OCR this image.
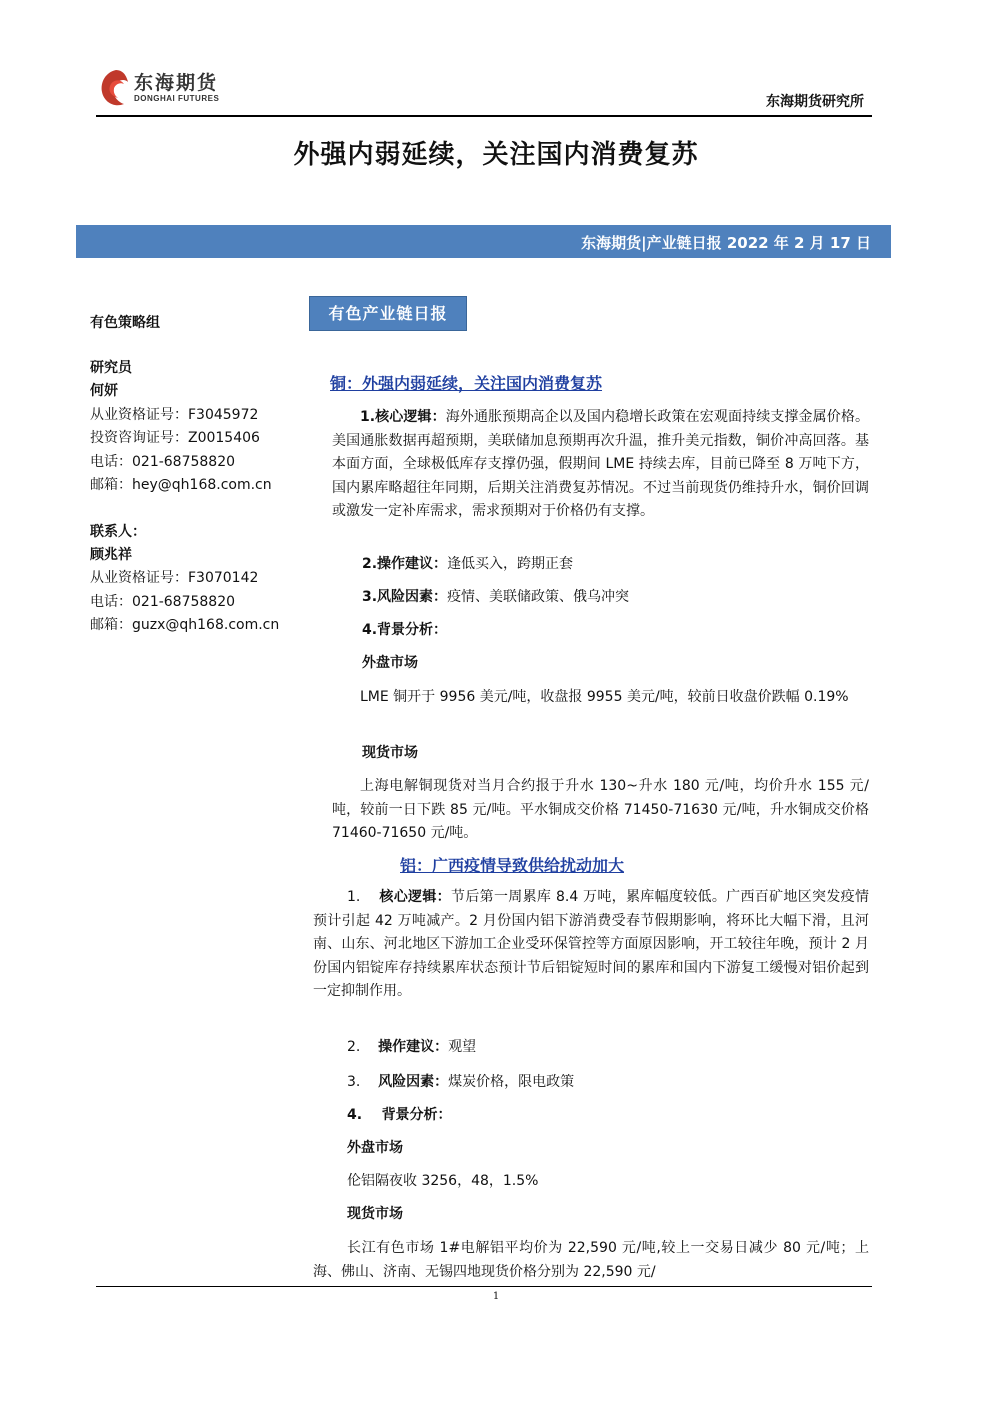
东海期货
DONGHAI FUTURES	东海期货研究所
外强内弱延续，关注国内消费复苏
东海期货|产业链日报 2022 年 2 月 17 日
有色策略组
研究员
何妍
从业资格证号：F3045972
投资咨询证号：Z0015406
电话：021-68758820
邮箱：hey@qh168.com.cn
联系人：
顾兆祥
从业资格证号：F3070142
电话：021-68758820
邮箱：guzx@qh168.com.cn
有色产业链日报
铜：外强内弱延续，关注国内消费复苏
1.核心逻辑：海外通胀预期高企以及国内稳增长政策在宏观面持续支撑金属价格。美国通胀数据再超预期，美联储加息预期再次升温，推升美元指数，铜价冲高回落。基本面方面，全球极低库存支撑仍强，假期间 LME 持续去库，目前已降至 8 万吨下方，国内累库略超往年同期，后期关注消费复苏情况。不过当前现货仍维持升水，铜价回调或激发一定补库需求，需求预期对于价格仍有支撑。
2.操作建议：逢低买入，跨期正套
3.风险因素：疫情、美联储政策、俄乌冲突
4.背景分析：
外盘市场
LME 铜开于 9956 美元/吨，收盘报 9955 美元/吨，较前日收盘价跌幅 0.19%
现货市场
上海电解铜现货对当月合约报于升水 130~升水 180 元/吨，均价升水 155 元/吨，较前一日下跌 85 元/吨。平水铜成交价格 71450-71630 元/吨，升水铜成交价格 71460-71650 元/吨。
铝：广西疫情导致供给扰动加大
1. 核心逻辑：节后第一周累库 8.4 万吨，累库幅度较低。广西百矿地区突发疫情预计引起 42 万吨减产。2 月份国内铝下游消费受春节假期影响，将环比大幅下滑，且河南、山东、河北地区下游加工企业受环保管控等方面原因影响，开工较往年晚，预计 2 月份国内铝锭库存持续累库状态预计节后铝锭短时间的累库和国内下游复工缓慢对铝价起到一定抑制作用。
2. 操作建议：观望
3. 风险因素：煤炭价格，限电政策
4. 背景分析：
外盘市场
伦铝隔夜收 3256，48，1.5%
现货市场
长江有色市场 1#电解铝平均价为 22,590 元/吨,较上一交易日减少 80 元/吨；上海、佛山、济南、无锡四地现货价格分别为 22,590 元/
1
